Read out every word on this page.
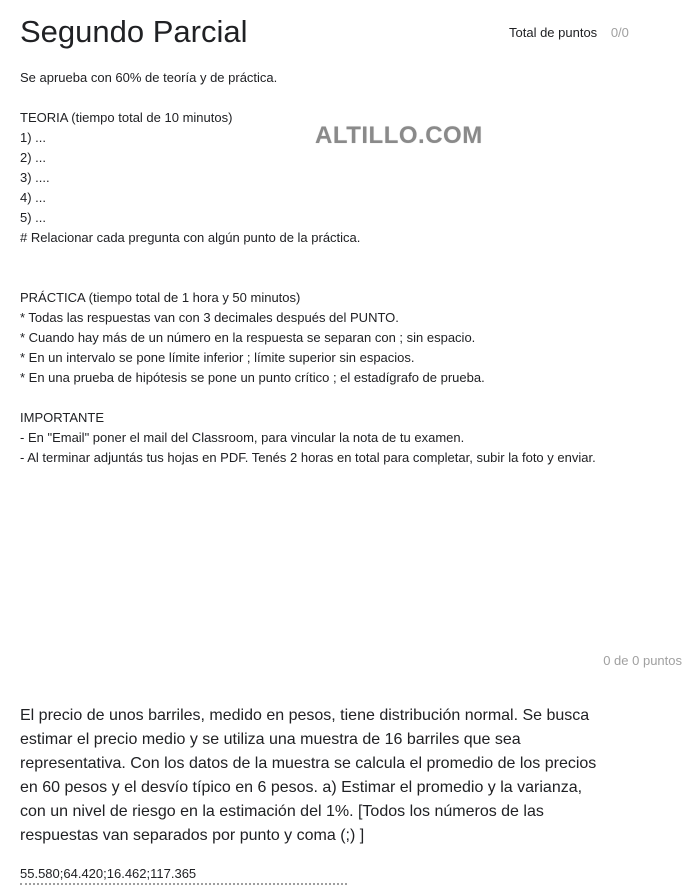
Segundo Parcial	Total de puntos 0/0
Se aprueba con 60% de teoría y de práctica.
TEORIA (tiempo total de 10 minutos)
1) ...
2) ...
3) ....
4) ...
5) ...
# Relacionar cada pregunta con algún punto de la práctica.
PRÁCTICA (tiempo total de 1 hora y 50 minutos)
* Todas las respuestas van con 3 decimales después del PUNTO.
* Cuando hay más de un número en la respuesta se separan con ; sin espacio.
* En un intervalo se pone límite inferior ; límite superior sin espacios.
* En una prueba de hipótesis se pone un punto crítico ; el estadígrafo de prueba.
IMPORTANTE
- En "Email" poner el mail del Classroom, para vincular la nota de tu examen.
- Al terminar adjuntás tus hojas en PDF. Tenés 2 horas en total para completar, subir la foto y enviar.
ALTILLO.COM
0 de 0 puntos
El precio de unos barriles, medido en pesos, tiene distribución normal. Se busca
estimar el precio medio y se utiliza una muestra de 16 barriles que sea
representativa. Con los datos de la muestra se calcula el promedio de los precios
en 60 pesos y el desvío típico en 6 pesos. a) Estimar el promedio y la varianza,
con un nivel de riesgo en la estimación del 1%. [Todos los números de las
respuestas van separados por punto y coma (;) ]
55.580;64.420;16.462;117.365
